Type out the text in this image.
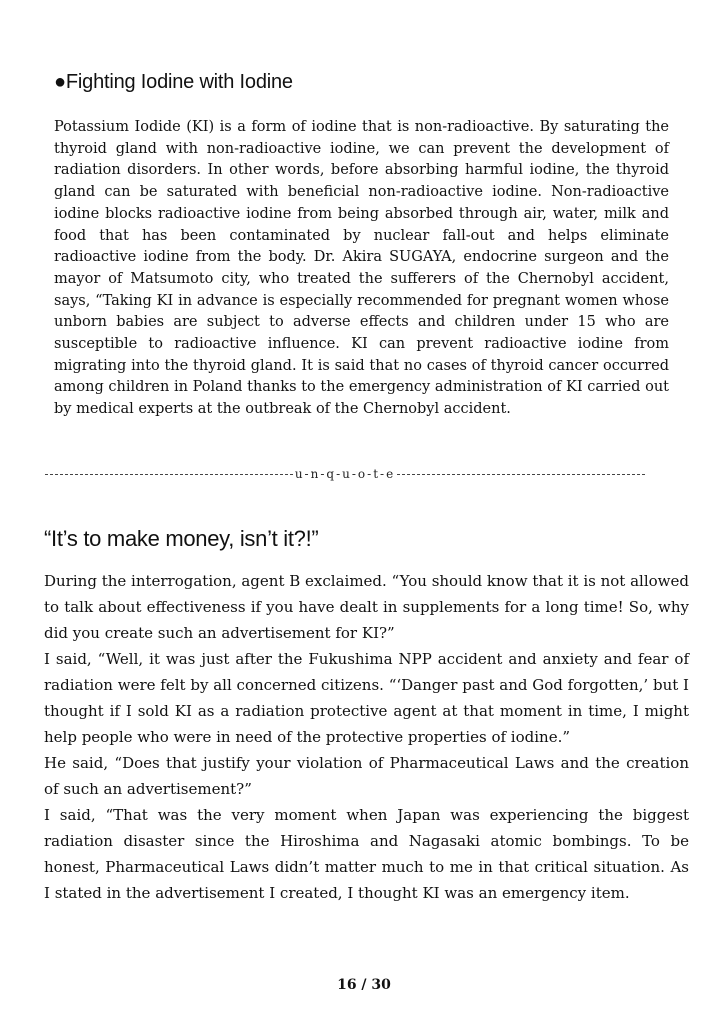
●Fighting Iodine with Iodine

Potassium Iodide (KI) is a form of iodine that is non-radioactive. By saturating the thyroid gland with non-radioactive iodine, we can prevent the development of radiation disorders. In other words, before absorbing harmful iodine, the thyroid gland can be saturated with beneficial non-radioactive iodine. Non-radioactive iodine blocks radioactive iodine from being absorbed through air, water, milk and food that has been contaminated by nuclear fall-out and helps eliminate radioactive iodine from the body. Dr. Akira SUGAYA, endocrine surgeon and the mayor of Matsumoto city, who treated the sufferers of the Chernobyl accident, says, “Taking KI in advance is especially recommended for pregnant women whose unborn babies are subject to adverse effects and children under 15 who are susceptible to radioactive influence. KI can prevent radioactive iodine from migrating into the thyroid gland. It is said that no cases of thyroid cancer occurred among children in Poland thanks to the emergency administration of KI carried out by medical experts at the outbreak of the Chernobyl accident.

u-n-q-u-o-t-e
“It’s to make money, isn’t it?!”

During the interrogation, agent B exclaimed. “You should know that it is not allowed to talk about effectiveness if you have dealt in supplements for a long time! So, why did you create such an advertisement for KI?”

I said, “Well, it was just after the Fukushima NPP accident and anxiety and fear of radiation were felt by all concerned citizens. “‘Danger past and God forgotten,’ but I thought if I sold KI as a radiation protective agent at that moment in time, I might help people who were in need of the protective properties of iodine.”

He said, “Does that justify your violation of Pharmaceutical Laws and the creation of such an advertisement?”

I said, “That was the very moment when Japan was experiencing the biggest radiation disaster since the Hiroshima and Nagasaki atomic bombings. To be honest, Pharmaceutical Laws didn’t matter much to me in that critical situation. As I stated in the advertisement I created, I thought KI was an emergency item.

16 / 30
